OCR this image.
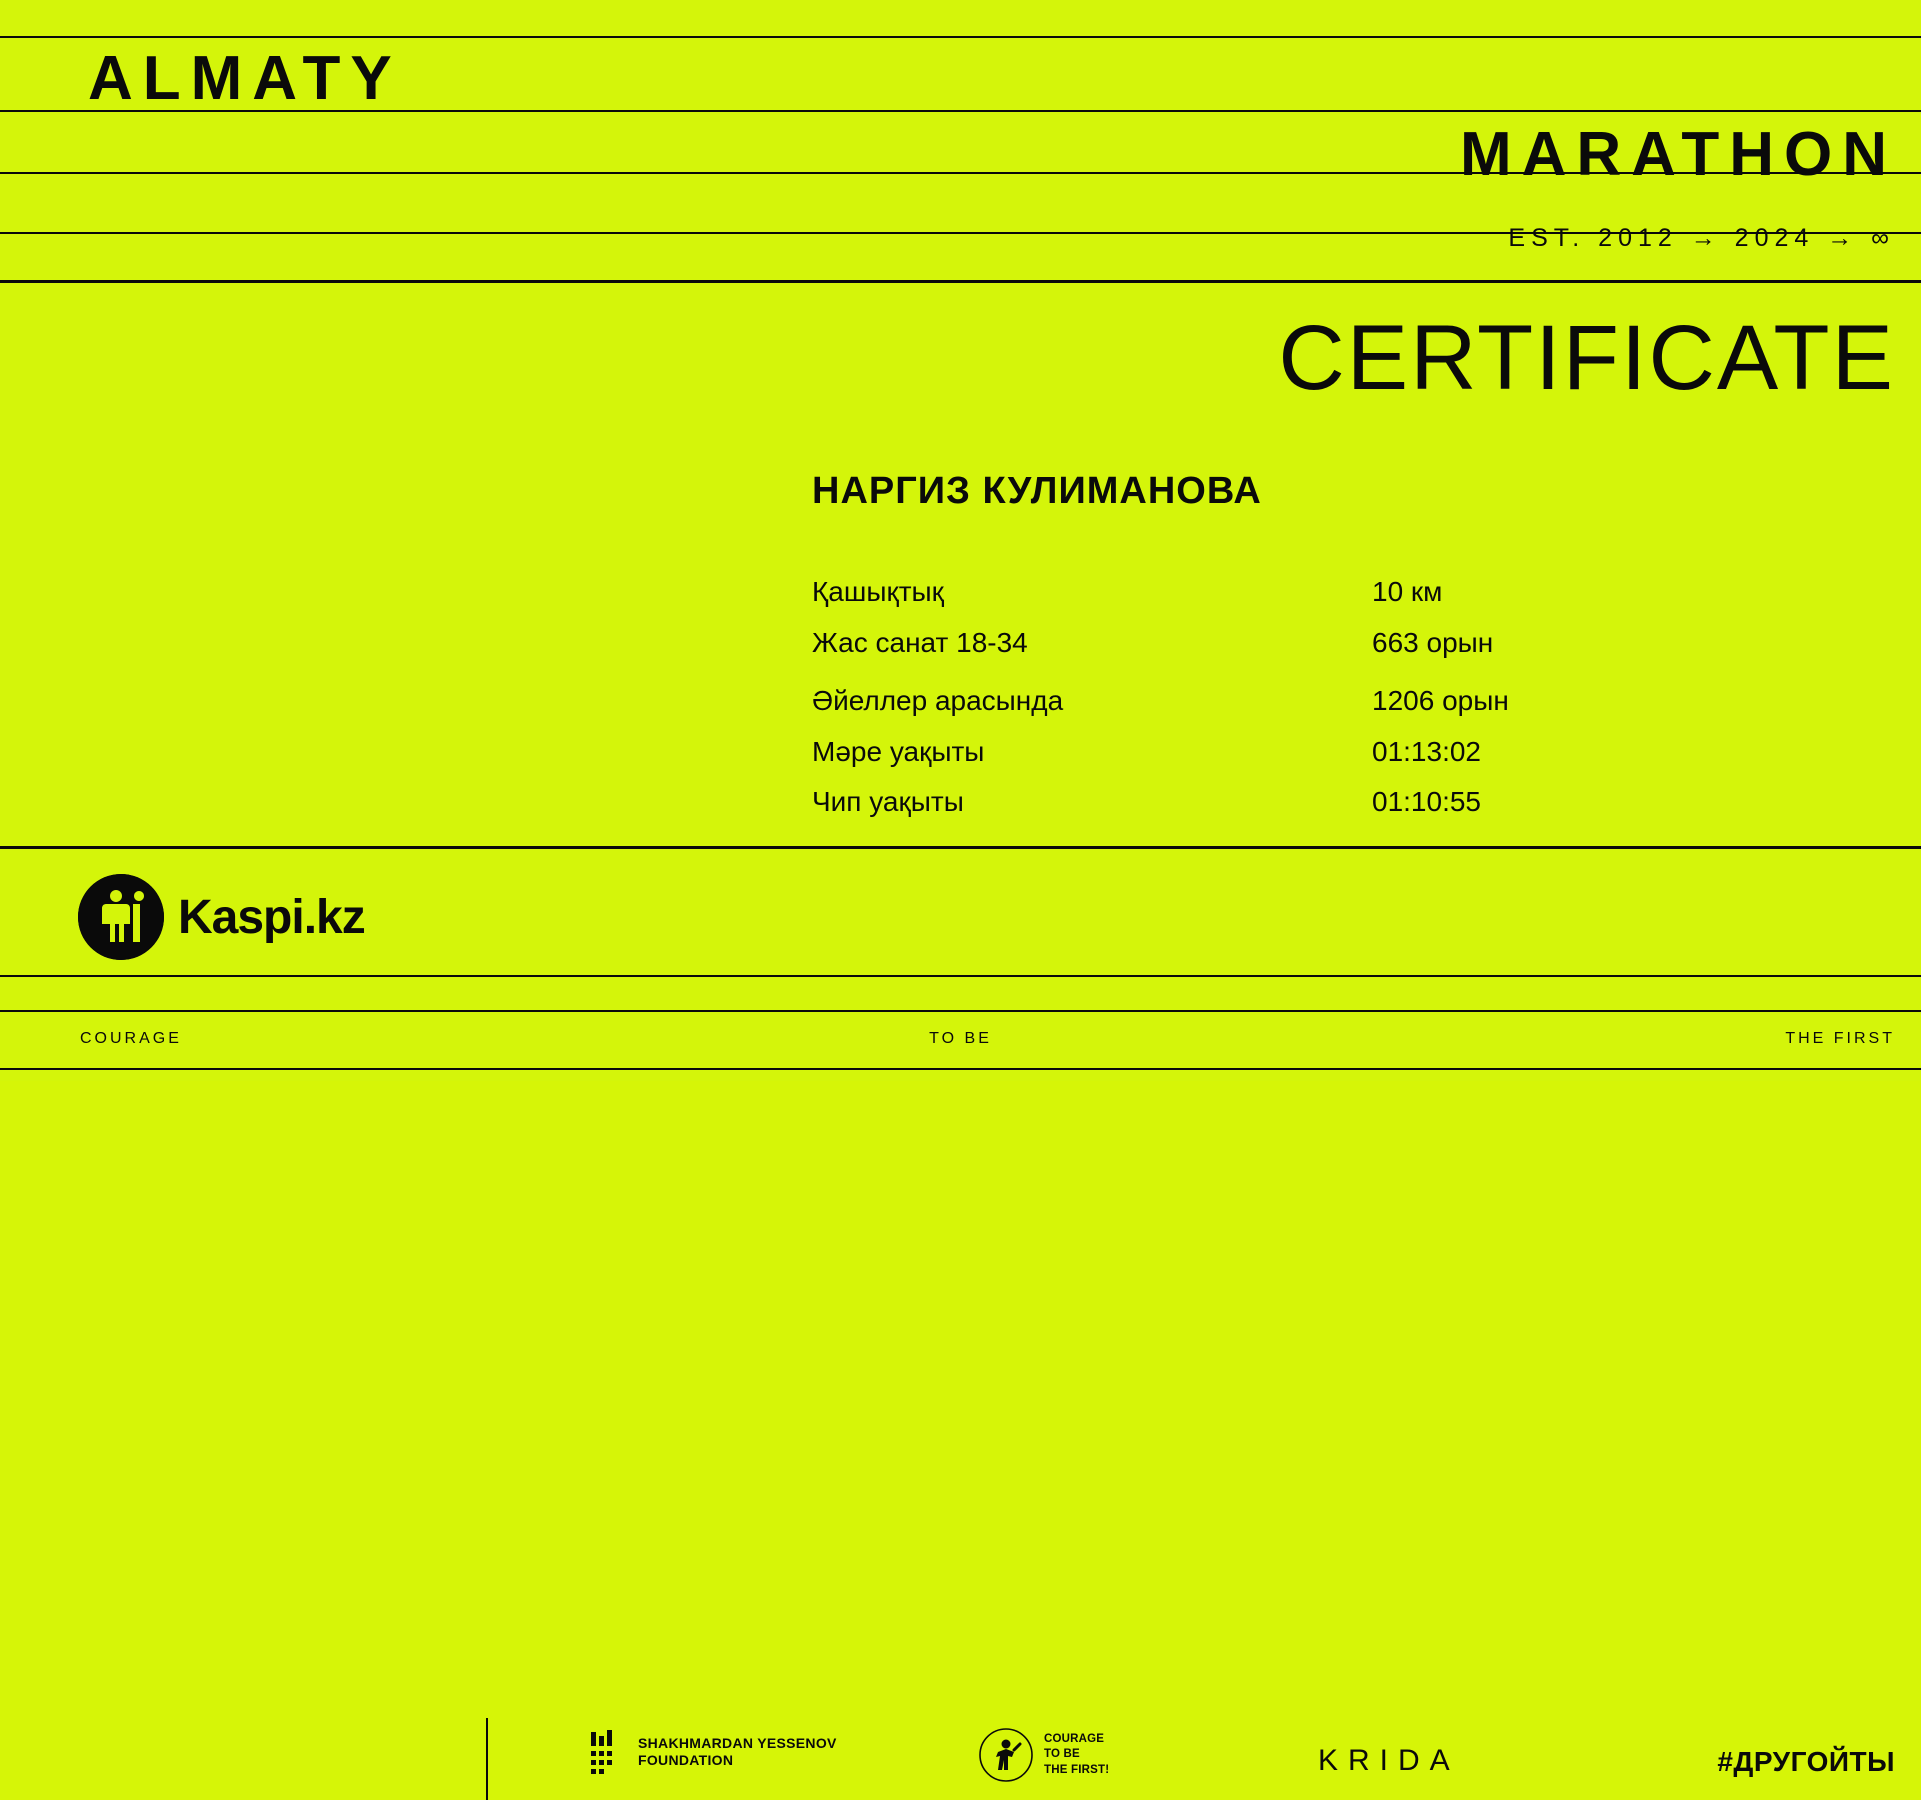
ALMATY
MARATHON
EST. 2012 → 2024 → ∞
CERTIFICATE
НАРГИЗ КУЛИМАНОВА
Қашықтық	10 км
Жас санат 18-34	663 орын
Әйеллер арасында	1206 орын
Мәре уақыты	01:13:02
Чип уақыты	01:10:55
Kaspi.kz
SHAKHMARDAN YESSENOV
FOUNDATION
COURAGE
TO BE
THE FIRST!	KRIDA	#ДРУГОЙТЫ
COURAGE	TO BE	THE FIRST
